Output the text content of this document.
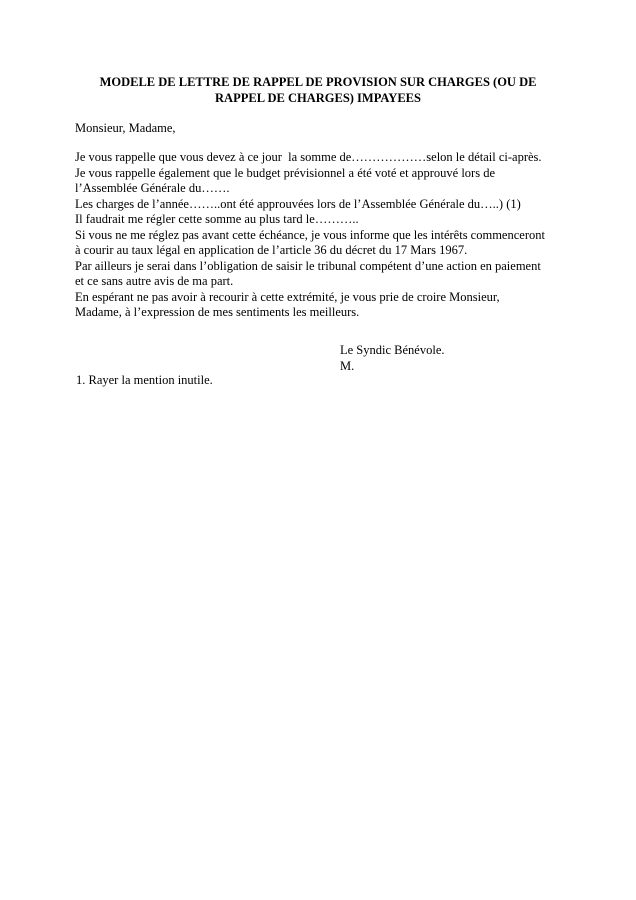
MODELE DE LETTRE DE RAPPEL DE PROVISION SUR CHARGES (OU DE
RAPPEL DE CHARGES) IMPAYEES
Monsieur, Madame,
Je vous rappelle que vous devez à ce jour  la somme de………………selon le détail ci-après.
Je vous rappelle également que le budget prévisionnel a été voté et approuvé lors de
l’Assemblée Générale du…….
Les charges de l’année……..ont été approuvées lors de l’Assemblée Générale du…..) (1)
Il faudrait me régler cette somme au plus tard le………..
Si vous ne me réglez pas avant cette échéance, je vous informe que les intérêts commenceront
à courir au taux légal en application de l’article 36 du décret du 17 Mars 1967.
Par ailleurs je serai dans l’obligation de saisir le tribunal compétent d’une action en paiement
et ce sans autre avis de ma part.
En espérant ne pas avoir à recourir à cette extrémité, je vous prie de croire Monsieur,
Madame, à l’expression de mes sentiments les meilleurs.
Le Syndic Bénévole.
M.
1. Rayer la mention inutile.
